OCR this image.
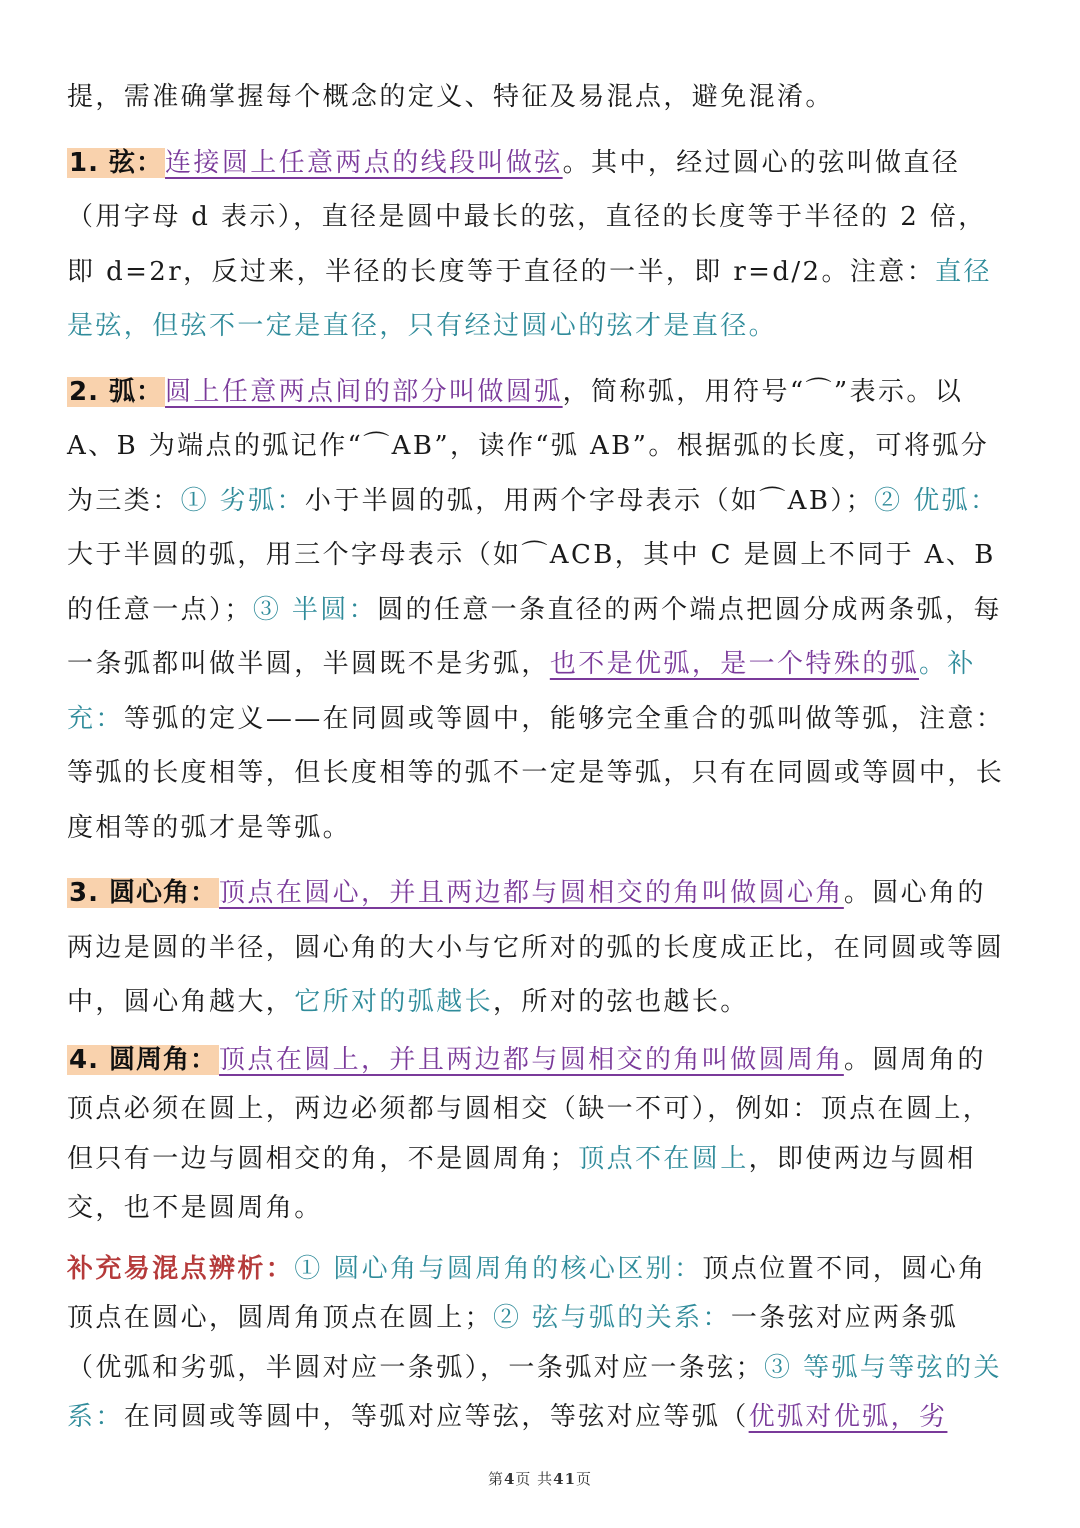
提，需准确掌握每个概念的定义、特征及易混点，避免混淆。

1. 弦：连接圆上任意两点的线段叫做弦。其中，经过圆心的弦叫做直径（用字母 d 表示），直径是圆中最长的弦，直径的长度等于半径的 2 倍，即 d=2r，反过来，半径的长度等于直径的一半，即 r=d/2。注意：直径是弦，但弦不一定是直径，只有经过圆心的弦才是直径。

2. 弧：圆上任意两点间的部分叫做圆弧，简称弧，用符号“⌒”表示。以 A、B 为端点的弧记作“⌒AB”，读作“弧 AB”。根据弧的长度，可将弧分为三类：① 劣弧：小于半圆的弧，用两个字母表示（如⌒AB）；② 优弧：大于半圆的弧，用三个字母表示（如⌒ACB，其中 C 是圆上不同于 A、B 的任意一点）；③ 半圆：圆的任意一条直径的两个端点把圆分成两条弧，每一条弧都叫做半圆，半圆既不是劣弧，也不是优弧，是一个特殊的弧。补充：等弧的定义——在同圆或等圆中，能够完全重合的弧叫做等弧，注意：等弧的长度相等，但长度相等的弧不一定是等弧，只有在同圆或等圆中，长度相等的弧才是等弧。

3. 圆心角：顶点在圆心，并且两边都与圆相交的角叫做圆心角。圆心角的两边是圆的半径，圆心角的大小与它所对的弧的长度成正比，在同圆或等圆中，圆心角越大，它所对的弧越长，所对的弦也越长。

4. 圆周角：顶点在圆上，并且两边都与圆相交的角叫做圆周角。圆周角的顶点必须在圆上，两边必须都与圆相交（缺一不可），例如：顶点在圆上，但只有一边与圆相交的角，不是圆周角；顶点不在圆上，即使两边与圆相交，也不是圆周角。

补充易混点辨析：① 圆心角与圆周角的核心区别：顶点位置不同，圆心角顶点在圆心，圆周角顶点在圆上；② 弦与弧的关系：一条弦对应两条弧（优弧和劣弧，半圆对应一条弧），一条弧对应一条弦；③ 等弧与等弦的关系：在同圆或等圆中，等弧对应等弦，等弦对应等弧（优弧对优弧，劣

第4页 共41页
